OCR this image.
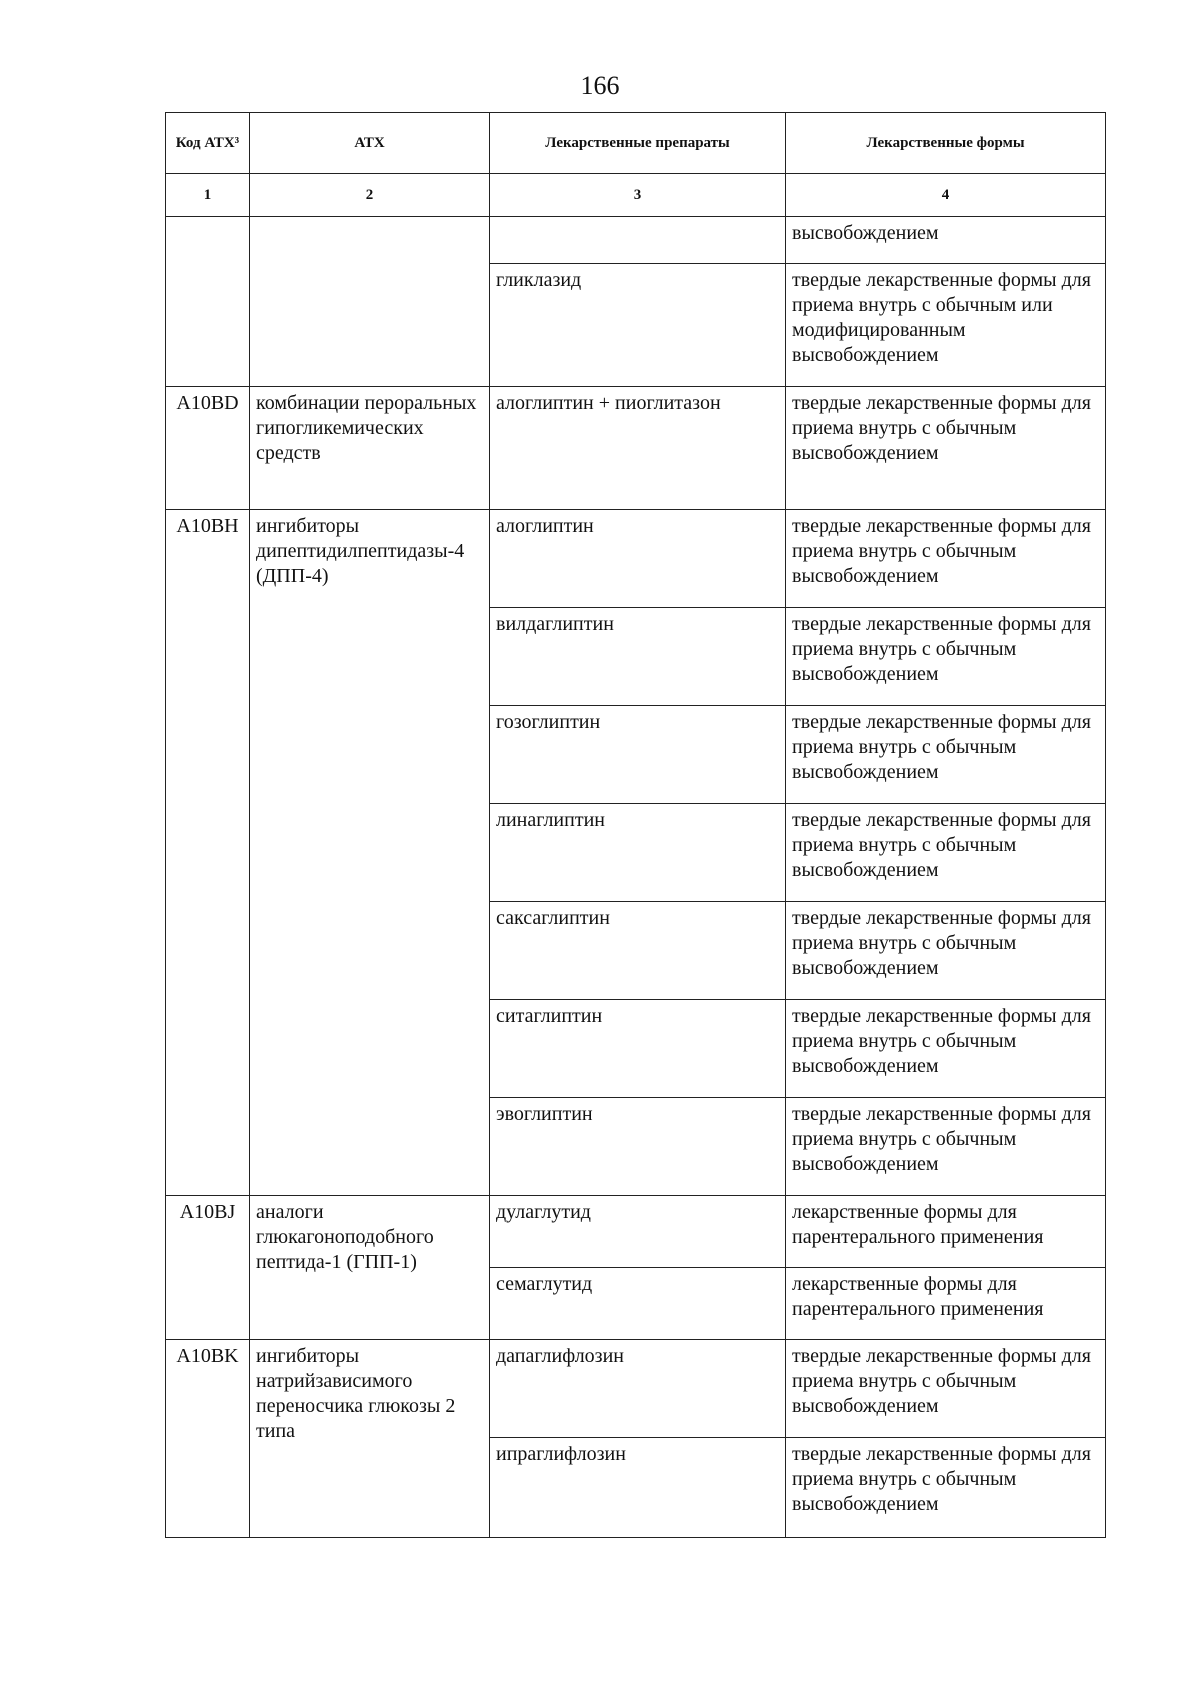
166
Код АТХ³	АТХ	Лекарственные препараты	Лекарственные формы
1	2	3	4
			высвобождением
		гликлазид	твердые лекарственные формы для приема внутрь с обычным или модифицированным высвобождением
A10BD	комбинации пероральных гипогликемических средств	алоглиптин + пиоглитазон	твердые лекарственные формы для приема внутрь с обычным высвобождением
A10BH	ингибиторы дипептидилпептидазы-4 (ДПП-4)	алоглиптин	твердые лекарственные формы для приема внутрь с обычным высвобождением
		вилдаглиптин	твердые лекарственные формы для приема внутрь с обычным высвобождением
		гозоглиптин	твердые лекарственные формы для приема внутрь с обычным высвобождением
		линаглиптин	твердые лекарственные формы для приема внутрь с обычным высвобождением
		саксаглиптин	твердые лекарственные формы для приема внутрь с обычным высвобождением
		ситаглиптин	твердые лекарственные формы для приема внутрь с обычным высвобождением
		эвоглиптин	твердые лекарственные формы для приема внутрь с обычным высвобождением
A10BJ	аналоги глюкагоноподобного пептида-1 (ГПП-1)	дулаглутид	лекарственные формы для парентерального применения
		семаглутид	лекарственные формы для парентерального применения
A10BK	ингибиторы натрийзависимого переносчика глюкозы 2 типа	дапаглифлозин	твердые лекарственные формы для приема внутрь с обычным высвобождением
		ипраглифлозин	твердые лекарственные формы для приема внутрь с обычным высвобождением
